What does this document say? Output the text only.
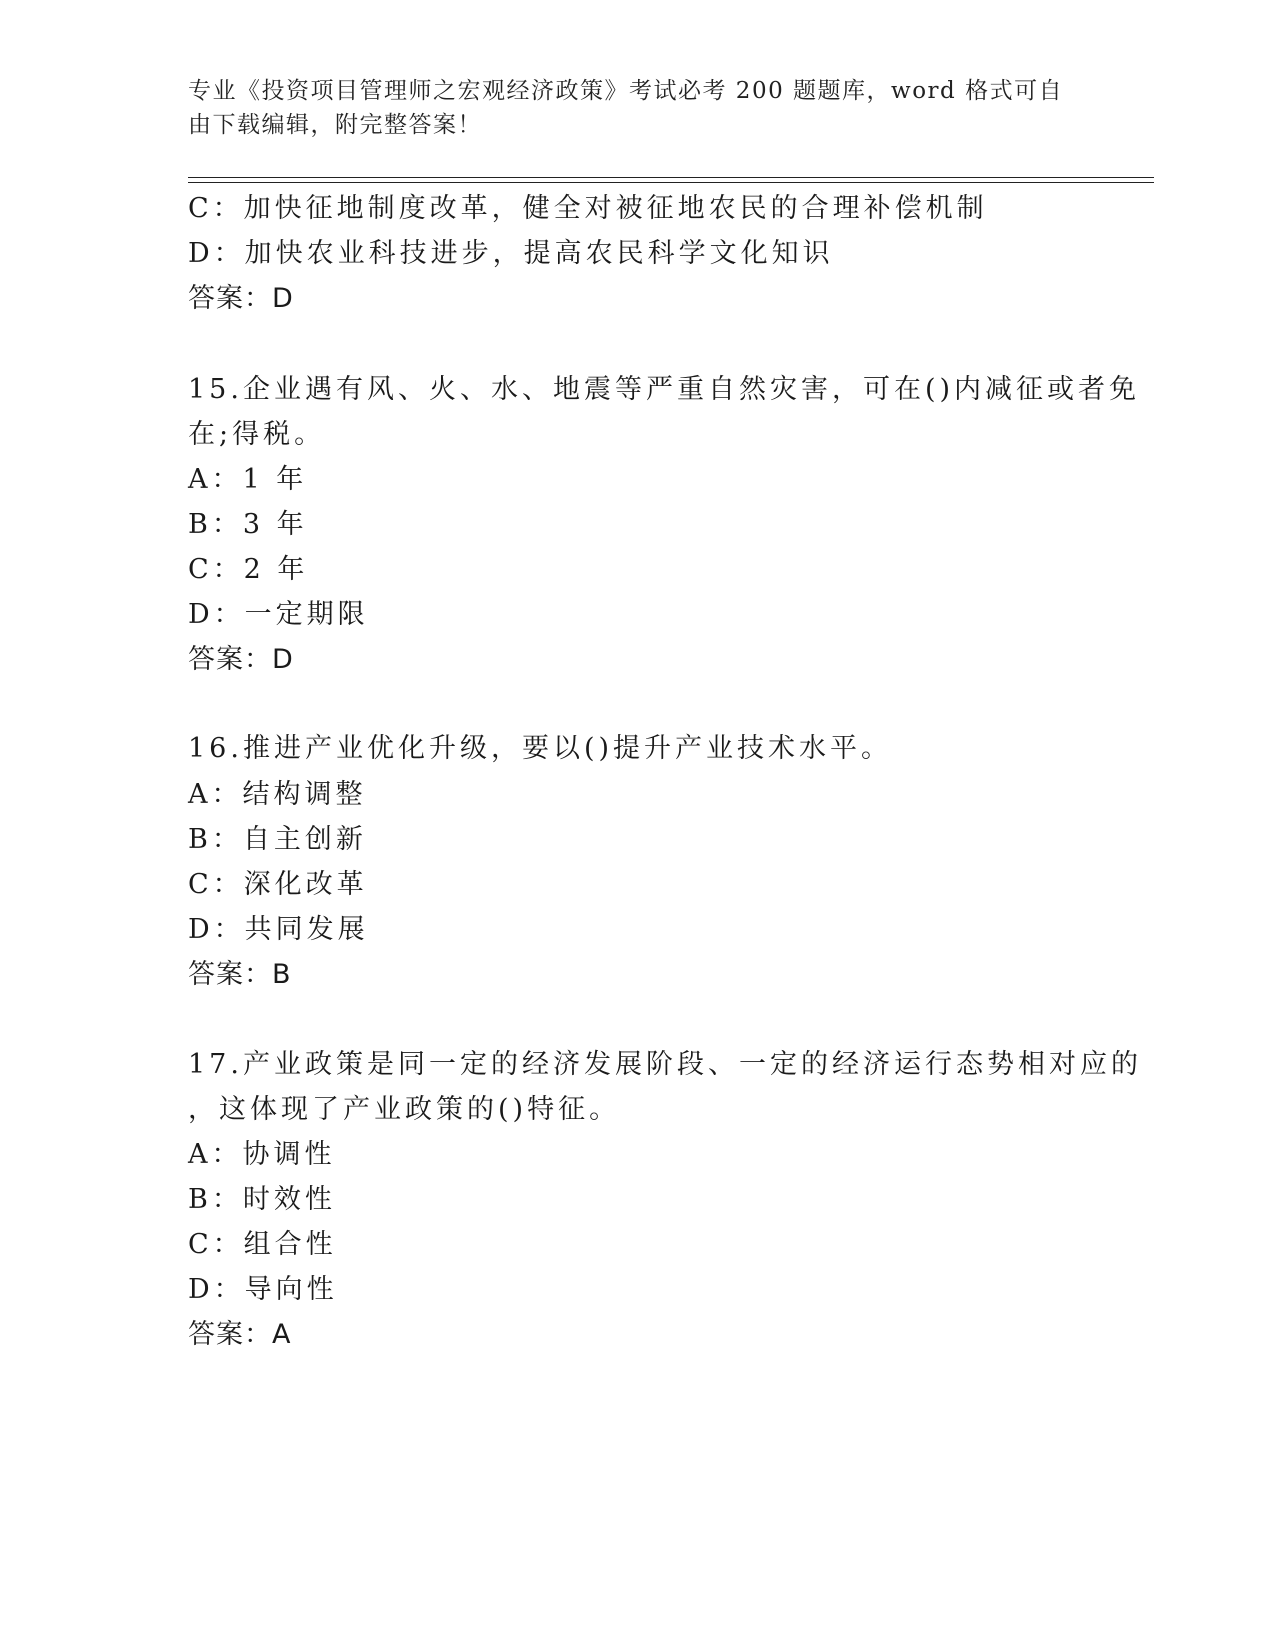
专业《投资项目管理师之宏观经济政策》考试必考 200 题题库，word 格式可自由下载编辑，附完整答案！
C：加快征地制度改革，健全对被征地农民的合理补偿机制
D：加快农业科技进步，提高农民科学文化知识
答案：D
15.企业遇有风、火、水、地震等严重自然灾害，可在()内减征或者免
在;得税。
A：1 年
B：3 年
C：2 年
D：一定期限
答案：D
16.推进产业优化升级，要以()提升产业技术水平。
A：结构调整
B：自主创新
C：深化改革
D：共同发展
答案：B
17.产业政策是同一定的经济发展阶段、一定的经济运行态势相对应的
，这体现了产业政策的()特征。
A：协调性
B：时效性
C：组合性
D：导向性
答案：A
